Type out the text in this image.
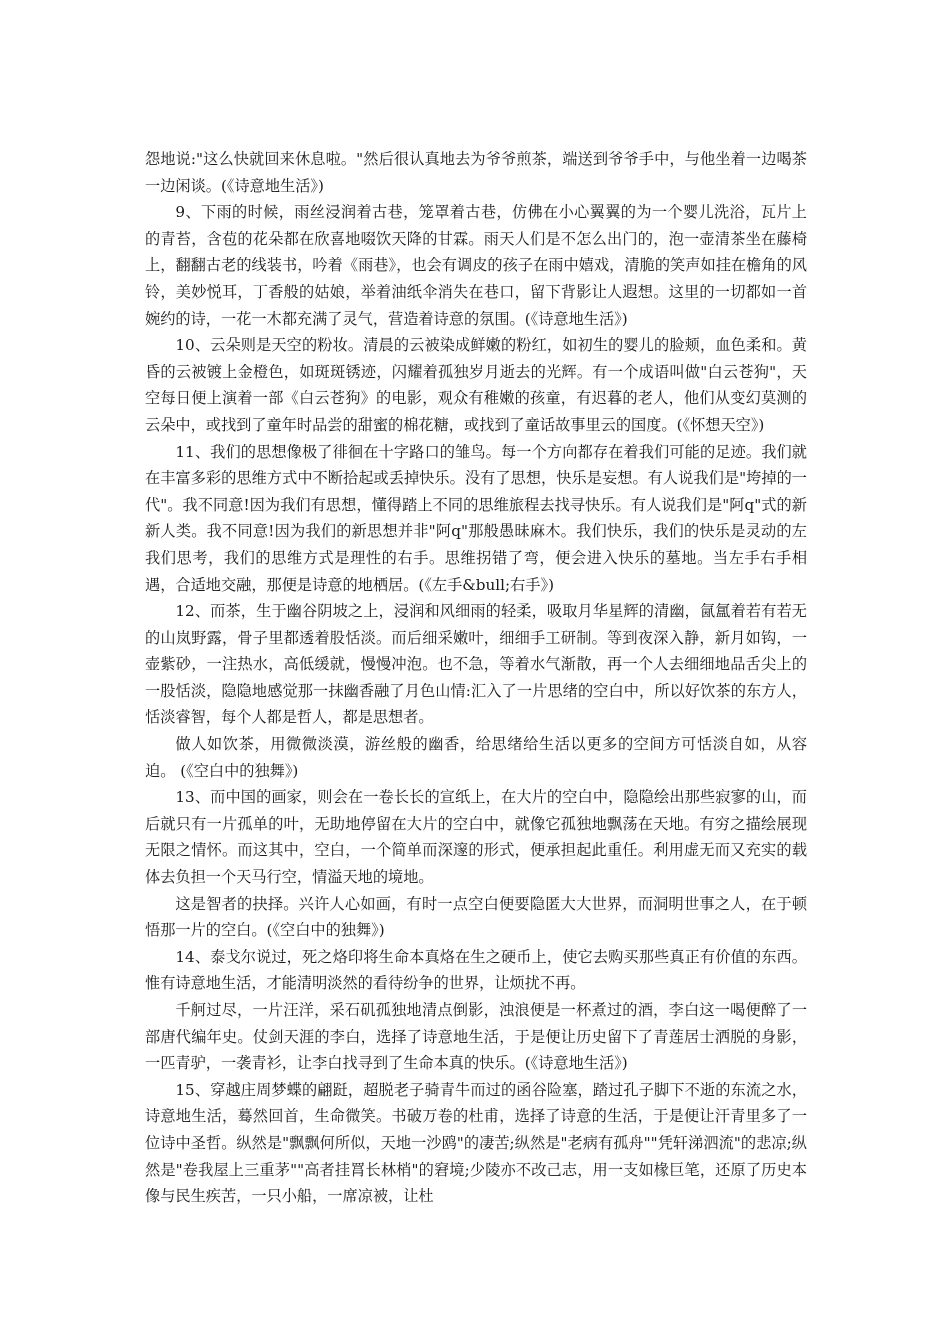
怨地说:"这么快就回来休息啦。"然后很认真地去为爷爷煎茶，端送到爷爷手中，与他坐着一边喝茶一边闲谈。(《诗意地生活》)

9、下雨的时候，雨丝浸润着古巷，笼罩着古巷，仿佛在小心翼翼的为一个婴儿洗浴，瓦片上的青苔，含苞的花朵都在欣喜地啜饮天降的甘霖。雨天人们是不怎么出门的，泡一壶清茶坐在藤椅上，翻翻古老的线装书，吟着《雨巷》，也会有调皮的孩子在雨中嬉戏，清脆的笑声如挂在檐角的风铃，美妙悦耳，丁香般的姑娘，举着油纸伞消失在巷口，留下背影让人遐想。这里的一切都如一首婉约的诗，一花一木都充满了灵气，营造着诗意的氛围。(《诗意地生活》)

10、云朵则是天空的粉妆。清晨的云被染成鲜嫩的粉红，如初生的婴儿的脸颊，血色柔和。黄昏的云被镀上金橙色，如斑斑锈迹，闪耀着孤独岁月逝去的光辉。有一个成语叫做"白云苍狗"，天空每日便上演着一部《白云苍狗》的电影，观众有稚嫩的孩童，有迟暮的老人，他们从变幻莫测的云朵中，或找到了童年时品尝的甜蜜的棉花糖，或找到了童话故事里云的国度。(《怀想天空》)

11、我们的思想像极了徘徊在十字路口的雏鸟。每一个方向都存在着我们可能的足迹。我们就在丰富多彩的思维方式中不断拾起或丢掉快乐。没有了思想，快乐是妄想。有人说我们是"垮掉的一代"。我不同意!因为我们有思想，懂得踏上不同的思维旅程去找寻快乐。有人说我们是"阿q"式的新新人类。我不同意!因为我们的新思想并非"阿q"那般愚昧麻木。我们快乐，我们的快乐是灵动的左我们思考，我们的思维方式是理性的右手。思维拐错了弯，便会进入快乐的墓地。当左手右手相遇，合适地交融，那便是诗意的地栖居。(《左手&bull;右手》)

12、而茶，生于幽谷阴坡之上，浸润和风细雨的轻柔，吸取月华星辉的清幽，氤氲着若有若无的山岚野露，骨子里都透着股恬淡。而后细采嫩叶，细细手工研制。等到夜深入静，新月如钩，一壶紫砂，一注热水，高低缓就，慢慢冲泡。也不急，等着水气渐散，再一个人去细细地品舌尖上的一股恬淡，隐隐地感觉那一抹幽香融了月色山情:汇入了一片思绪的空白中，所以好饮茶的东方人，恬淡睿智，每个人都是哲人，都是思想者。

做人如饮茶，用微微淡漠，游丝般的幽香，给思绪给生活以更多的空间方可恬淡自如，从容迫。 (《空白中的独舞》)

13、而中国的画家，则会在一卷长长的宣纸上，在大片的空白中，隐隐绘出那些寂寥的山，而后就只有一片孤单的叶，无助地停留在大片的空白中，就像它孤独地飘荡在天地。有穷之描绘展现无限之情怀。而这其中，空白，一个简单而深邃的形式，便承担起此重任。利用虚无而又充实的载体去负担一个天马行空，情溢天地的境地。

这是智者的抉择。兴许人心如画，有时一点空白便要隐匿大大世界，而洞明世事之人，在于顿悟那一片的空白。(《空白中的独舞》)

14、泰戈尔说过，死之烙印将生命本真烙在生之硬币上，使它去购买那些真正有价值的东西。惟有诗意地生活，才能清明淡然的看待纷争的世界，让烦扰不再。

千舸过尽，一片汪洋，采石矶孤独地清点倒影，浊浪便是一杯煮过的酒，李白这一喝便醉了一部唐代编年史。仗剑天涯的李白，选择了诗意地生活，于是便让历史留下了青莲居士洒脱的身影，一匹青驴，一袭青衫，让李白找寻到了生命本真的快乐。(《诗意地生活》)

15、穿越庄周梦蝶的翩跹，超脱老子骑青牛而过的函谷险塞，踏过孔子脚下不逝的东流之水，诗意地生活，蓦然回首，生命微笑。书破万卷的杜甫，选择了诗意的生活，于是便让汗青里多了一位诗中圣哲。纵然是"飘飘何所似，天地一沙鸥"的凄苦;纵然是"老病有孤舟""凭轩涕泗流"的悲凉;纵然是"卷我屋上三重茅""高者挂罥长林梢"的窘境;少陵亦不改己志，用一支如椽巨笔，还原了历史本像与民生疾苦，一只小船，一席凉被，让杜
